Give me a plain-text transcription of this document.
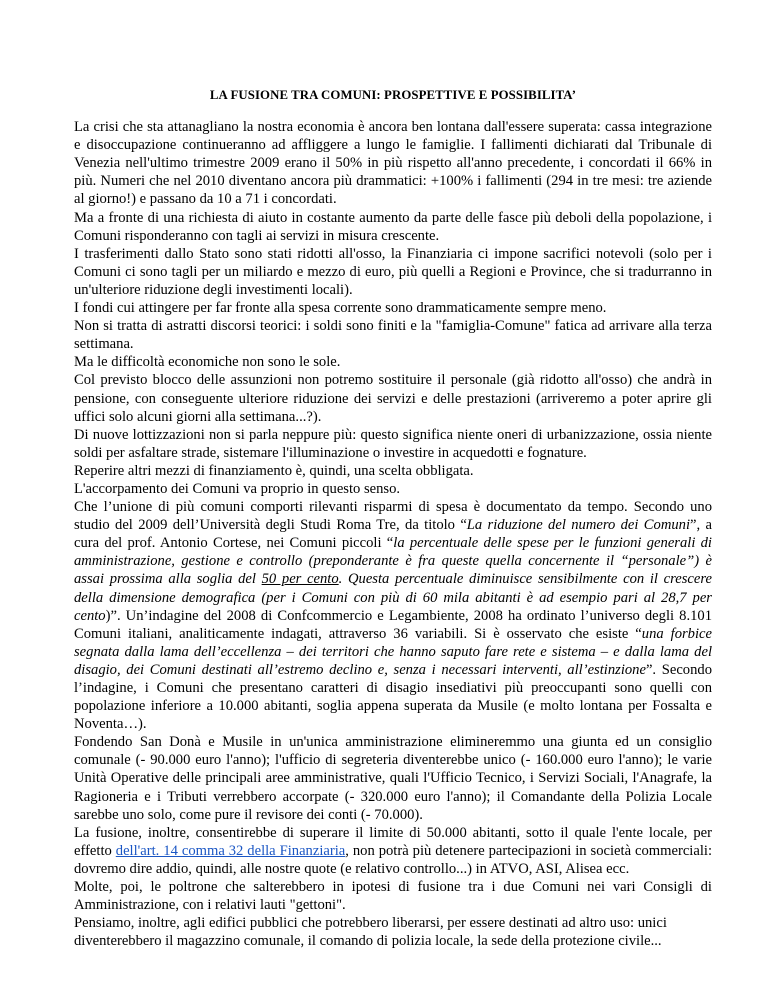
LA FUSIONE TRA COMUNI: PROSPETTIVE E POSSIBILITA’

La crisi che sta attanagliano la nostra economia è ancora ben lontana dall'essere superata: cassa integrazione e disoccupazione continueranno ad affliggere a lungo le famiglie. I fallimenti dichiarati dal Tribunale di Venezia nell'ultimo trimestre 2009 erano il 50% in più rispetto all'anno precedente, i concordati il 66% in più. Numeri che nel 2010 diventano ancora più drammatici: +100% i fallimenti (294 in tre mesi: tre aziende al giorno!) e passano da 10 a 71 i concordati.

Ma a fronte di una richiesta di aiuto in costante aumento da parte delle fasce più deboli della popolazione, i Comuni risponderanno con tagli ai servizi in misura crescente.

I trasferimenti dallo Stato sono stati ridotti all'osso, la Finanziaria ci impone sacrifici notevoli (solo per i Comuni ci sono tagli per un miliardo e mezzo di euro, più quelli a Regioni e Province, che si tradurranno in un'ulteriore riduzione degli investimenti locali).

I fondi cui attingere per far fronte alla spesa corrente sono drammaticamente sempre meno.

Non si tratta di astratti discorsi teorici: i soldi sono finiti e la "famiglia-Comune" fatica ad arrivare alla terza settimana.

Ma le difficoltà economiche non sono le sole.

Col previsto blocco delle assunzioni non potremo sostituire il personale (già ridotto all'osso) che andrà in pensione, con conseguente ulteriore riduzione dei servizi e delle prestazioni (arriveremo a poter aprire gli uffici solo alcuni giorni alla settimana...?).

Di nuove lottizzazioni non si parla neppure più: questo significa niente oneri di urbanizzazione, ossia niente soldi per asfaltare strade, sistemare l'illuminazione o investire in acquedotti e fognature.

Reperire altri mezzi di finanziamento è, quindi, una scelta obbligata.

L'accorpamento dei Comuni va proprio in questo senso.

Che l’unione di più comuni comporti rilevanti risparmi di spesa è documentato da tempo. Secondo uno studio del 2009 dell’Università degli Studi Roma Tre, da titolo “La riduzione del numero dei Comuni”, a cura del prof. Antonio Cortese, nei Comuni piccoli “la percentuale delle spese per le funzioni generali di amministrazione, gestione e controllo (preponderante è fra queste quella concernente il “personale”) è assai prossima alla soglia del 50 per cento. Questa percentuale diminuisce sensibilmente con il crescere della dimensione demografica (per i Comuni con più di 60 mila abitanti è ad esempio pari al 28,7 per cento)”. Un’indagine del 2008 di Confcommercio e Legambiente, 2008 ha ordinato l’universo degli 8.101 Comuni italiani, analiticamente indagati, attraverso 36 variabili. Si è osservato che esiste “una forbice segnata dalla lama dell’eccellenza – dei territori che hanno saputo fare rete e sistema – e dalla lama del disagio, dei Comuni destinati all’estremo declino e, senza i necessari interventi, all’estinzione”. Secondo l’indagine, i Comuni che presentano caratteri di disagio insediativi più preoccupanti sono quelli con popolazione inferiore a 10.000 abitanti, soglia appena superata da Musile (e molto lontana per Fossalta e Noventa…).

Fondendo San Donà e Musile in un'unica amministrazione elimineremmo una giunta ed un consiglio comunale (- 90.000 euro l'anno); l'ufficio di segreteria diventerebbe unico (- 160.000 euro l'anno); le varie Unità Operative delle principali aree amministrative, quali l'Ufficio Tecnico, i Servizi Sociali, l'Anagrafe, la Ragioneria e i Tributi verrebbero accorpate (- 320.000 euro l'anno); il Comandante della Polizia Locale sarebbe uno solo, come pure il revisore dei conti (- 70.000).

La fusione, inoltre, consentirebbe di superare il limite di 50.000 abitanti, sotto il quale l'ente locale, per effetto dell'art. 14 comma 32 della Finanziaria, non potrà più detenere partecipazioni in società commerciali: dovremo dire addio, quindi, alle nostre quote (e relativo controllo...) in ATVO, ASI, Alisea ecc.

Molte, poi, le poltrone che salterebbero in ipotesi di fusione tra i due Comuni nei vari Consigli di Amministrazione, con i relativi lauti "gettoni".

Pensiamo, inoltre, agli edifici pubblici che potrebbero liberarsi, per essere destinati ad altro uso: unici diventerebbero il magazzino comunale, il comando di polizia locale, la sede della protezione civile...
